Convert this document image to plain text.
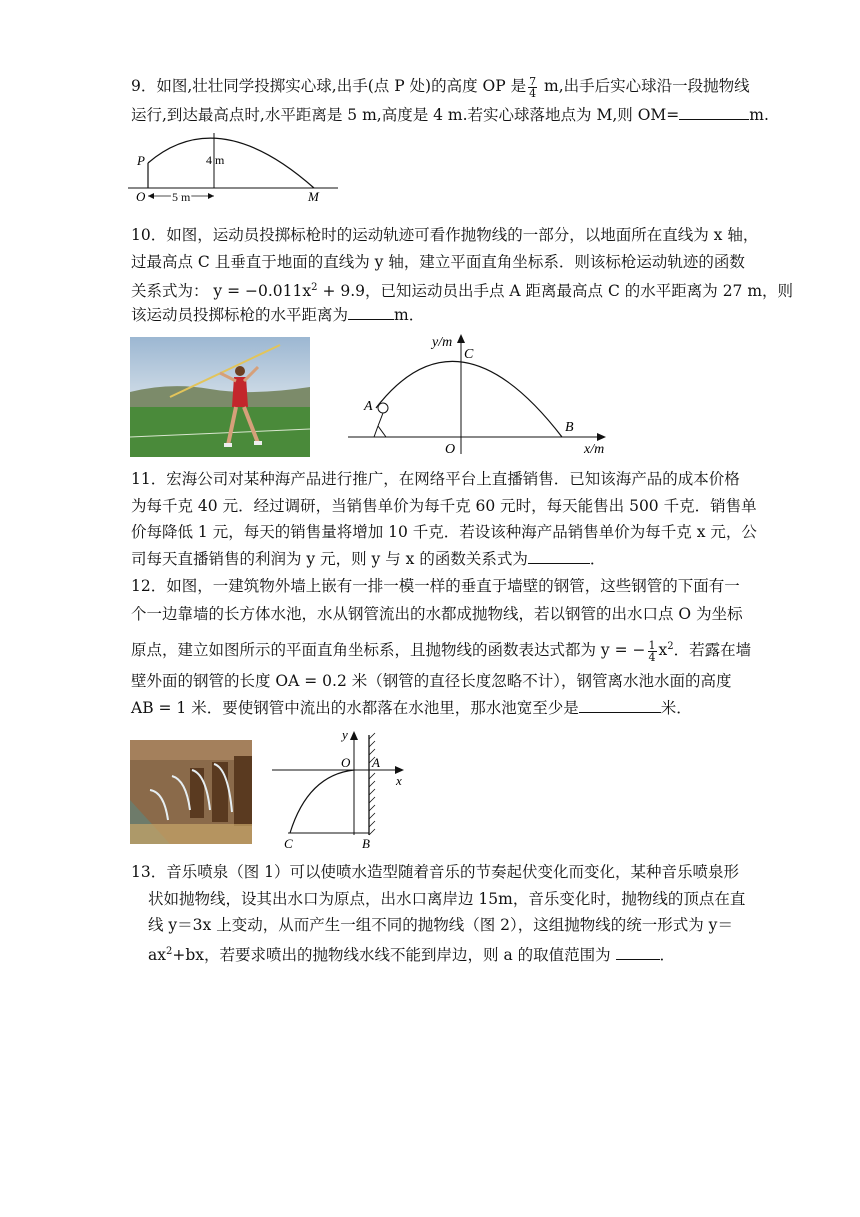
9．如图,壮壮同学投掷实心球,出手(点 P 处)的高度 OP 是 $\frac{7}{4} m$,出手后实心球沿一段抛物线
运行,到达最高点时,水平距离是 5 m,高度是 4 m.若实心球落地点为 M,则 OM=	m.
P
O	M
4 m
5 m
10．如图，运动员投掷标枪时的运动轨迹可看作抛物线的一部分，以地面所在直线为 x 轴，
过最高点 C 且垂直于地面的直线为 y 轴，建立平面直角坐标系．则该标枪运动轨迹的函数
关系式为： $y = -0.011x^2 + 9.9$，已知运动员出手点 A 距离最高点 C 的水平距离为 27 m，则
该运动员投掷标枪的水平距离为	m．
y/m
x/m
C
A
B
O
11．宏海公司对某种海产品进行推广，在网络平台上直播销售．已知该海产品的成本价格
为每千克 40 元．经过调研，当销售单价为每千克 60 元时，每天能售出 500 千克．销售单
价每降低 1 元，每天的销售量将增加 10 千克．若设该种海产品销售单价为每千克 x 元，公
司每天直播销售的利润为 y 元，则 y 与 x 的函数关系式为	．
12．如图，一建筑物外墙上嵌有一排一模一样的垂直于墙壁的钢管，这些钢管的下面有一
个一边靠墙的长方体水池，水从钢管流出的水都成抛物线，若以钢管的出水口点 O 为坐标
原点，建立如图所示的平面直角坐标系，且抛物线的函数表达式都为 y = − $\frac{1}{4} x^2$．若露在墙
壁外面的钢管的长度 OA = 0.2 米（钢管的直径长度忽略不计），钢管离水池水面的高度
AB = 1 米．要使钢管中流出的水都落在水池里，那水池宽至少是	米．
y
x
O A
B
C
13．音乐喷泉（图 1）可以使喷水造型随着音乐的节奏起伏变化而变化，某种音乐喷泉形
状如抛物线，设其出水口为原点，出水口离岸边 15m，音乐变化时，抛物线的顶点在直
线 y＝3x 上变动，从而产生一组不同的抛物线（图 2），这组抛物线的统一形式为 y＝
$ax^2+bx$，若要求喷出的抛物线水线不能到岸边，则 a 的取值范围为	．
